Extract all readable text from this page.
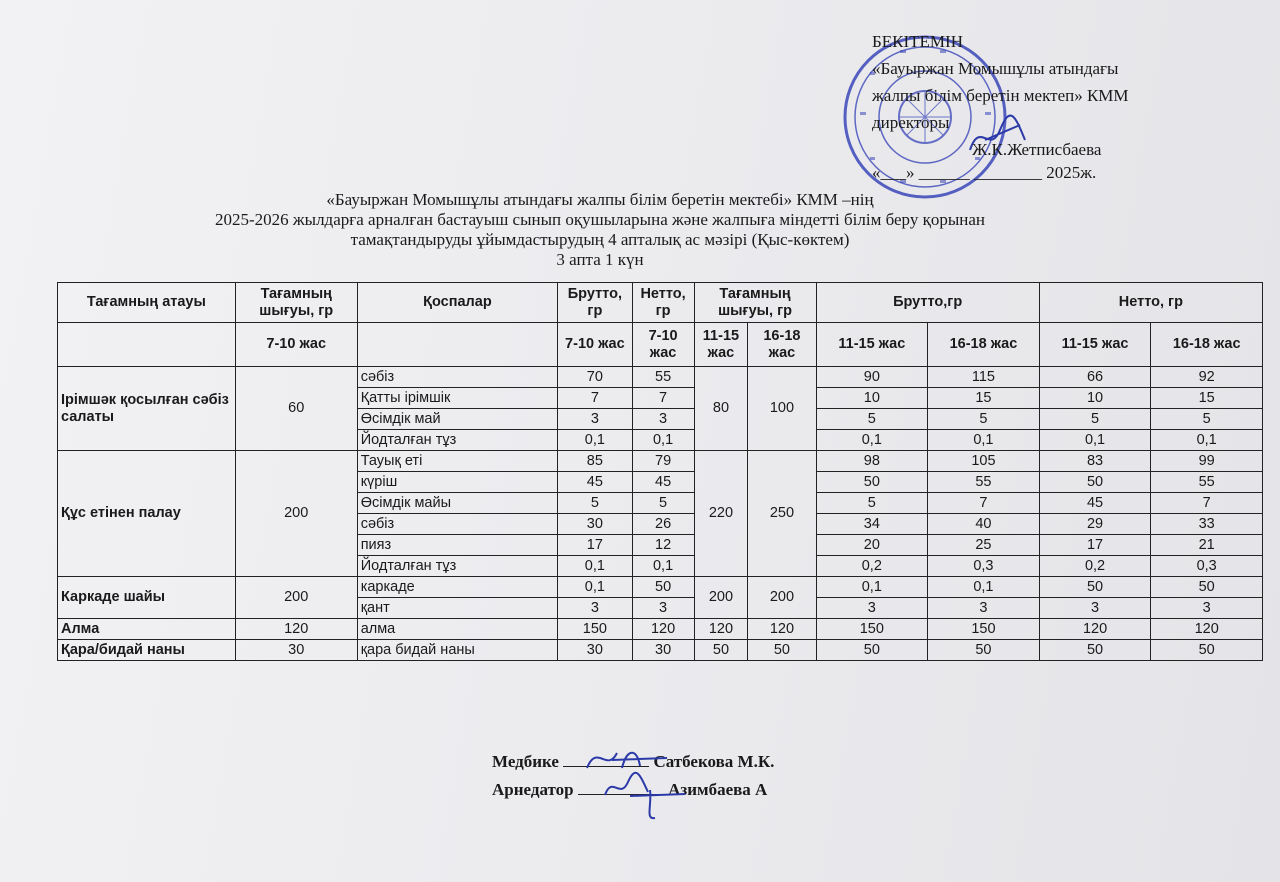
БЕКІТЕМІН
«Бауыржан Момышұлы атындағы
жалпы білім беретін мектеп» КММ
директоры
Ж.К.Жетписбаева
«___» ______ ________ 2025ж.
«Бауыржан Момышұлы атындағы жалпы білім беретін мектебі» КММ –нің
2025-2026 жылдарға арналған бастауыш сынып оқушыларына және жалпыға міндетті білім беру қорынан
тамақтандыруды ұйымдастырудың 4 апталық ас мәзірі (Қыс-көктем)
3 апта 1 күн
Тағамның атауы	Тағамның шығуы, гр	Қоспалар	Брутто, гр	Нетто, гр	Тағамның шығуы, гр		Брутто,гр		Нетто, гр	
	7-10 жас		7-10 жас	7-10 жас	11-15 жас	16-18 жас	11-15 жас	16-18 жас	11-15 жас	16-18 жас
Ірімшәк қосылған сәбіз салаты	60	сәбіз	70	55	80	100	90	115	66	92
		Қатты ірімшік	7	7			10	15	10	15
		Өсімдік май	3	3			5	5	5	5
		Йодталған тұз	0,1	0,1			0,1	0,1	0,1	0,1
Құс етінен палау	200	Тауық еті	85	79	220	250	98	105	83	99
		күріш	45	45			50	55	50	55
		Өсімдік майы	5	5			5	7	45	7
		сәбіз	30	26			34	40	29	33
		пияз	17	12			20	25	17	21
		Йодталған тұз	0,1	0,1			0,2	0,3	0,2	0,3
Каркаде шайы	200	каркаде	0,1	50	200	200	0,1	0,1	50	50
		қант	3	3			3	3	3	3
Алма	120	алма	150	120	120	120	150	150	120	120
Қара/бидай наны	30	қара бидай наны	30	30	50	50	50	50	50	50
Медбике	Сатбекова М.К.
Арнедатор	Азимбаева А
